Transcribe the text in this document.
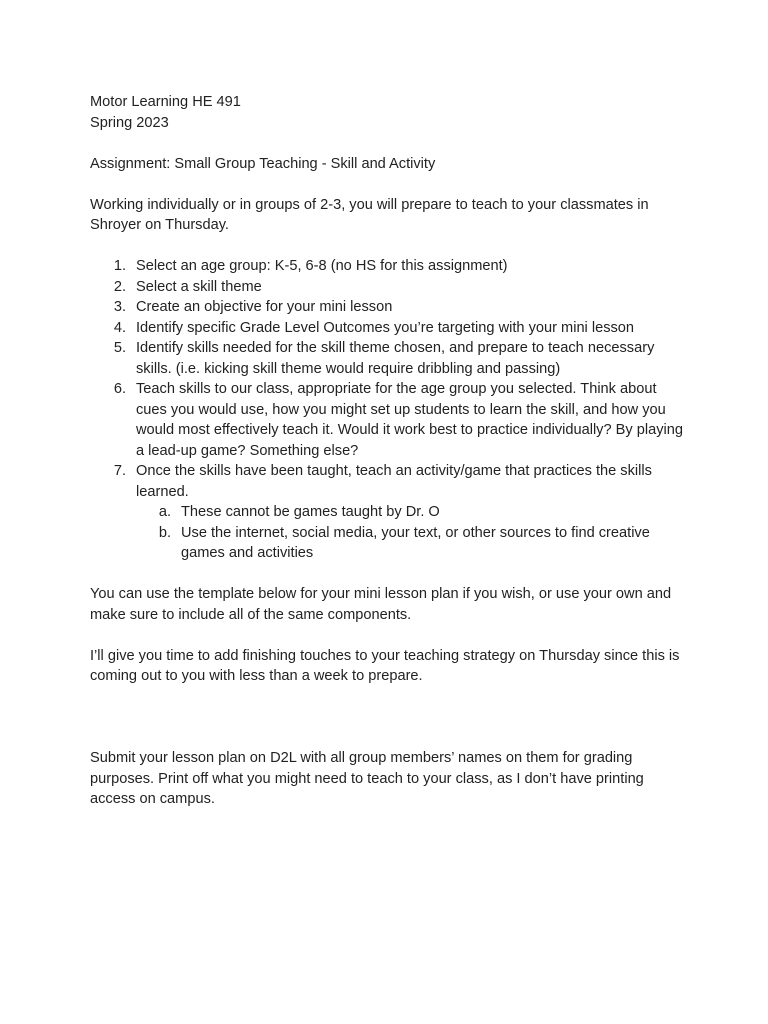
Motor Learning HE 491

Spring 2023

Assignment: Small Group Teaching - Skill and Activity

Working individually or in groups of 2-3, you will prepare to teach to your classmates in Shroyer on Thursday.

1. Select an age group: K-5, 6-8 (no HS for this assignment)
2. Select a skill theme
3. Create an objective for your mini lesson
4. Identify specific Grade Level Outcomes you’re targeting with your mini lesson
5. Identify skills needed for the skill theme chosen, and prepare to teach necessary skills. (i.e. kicking skill theme would require dribbling and passing)
6. Teach skills to our class, appropriate for the age group you selected. Think about cues you would use, how you might set up students to learn the skill, and how you would most effectively teach it. Would it work best to practice individually? By playing a lead-up game? Something else?
7. Once the skills have been taught, teach an activity/game that practices the skills learned.
a. These cannot be games taught by Dr. O
b. Use the internet, social media, your text, or other sources to find creative games and activities

You can use the template below for your mini lesson plan if you wish, or use your own and make sure to include all of the same components.

I’ll give you time to add finishing touches to your teaching strategy on Thursday since this is coming out to you with less than a week to prepare.

Submit your lesson plan on D2L with all group members’ names on them for grading purposes. Print off what you might need to teach to your class, as I don’t have printing access on campus.
